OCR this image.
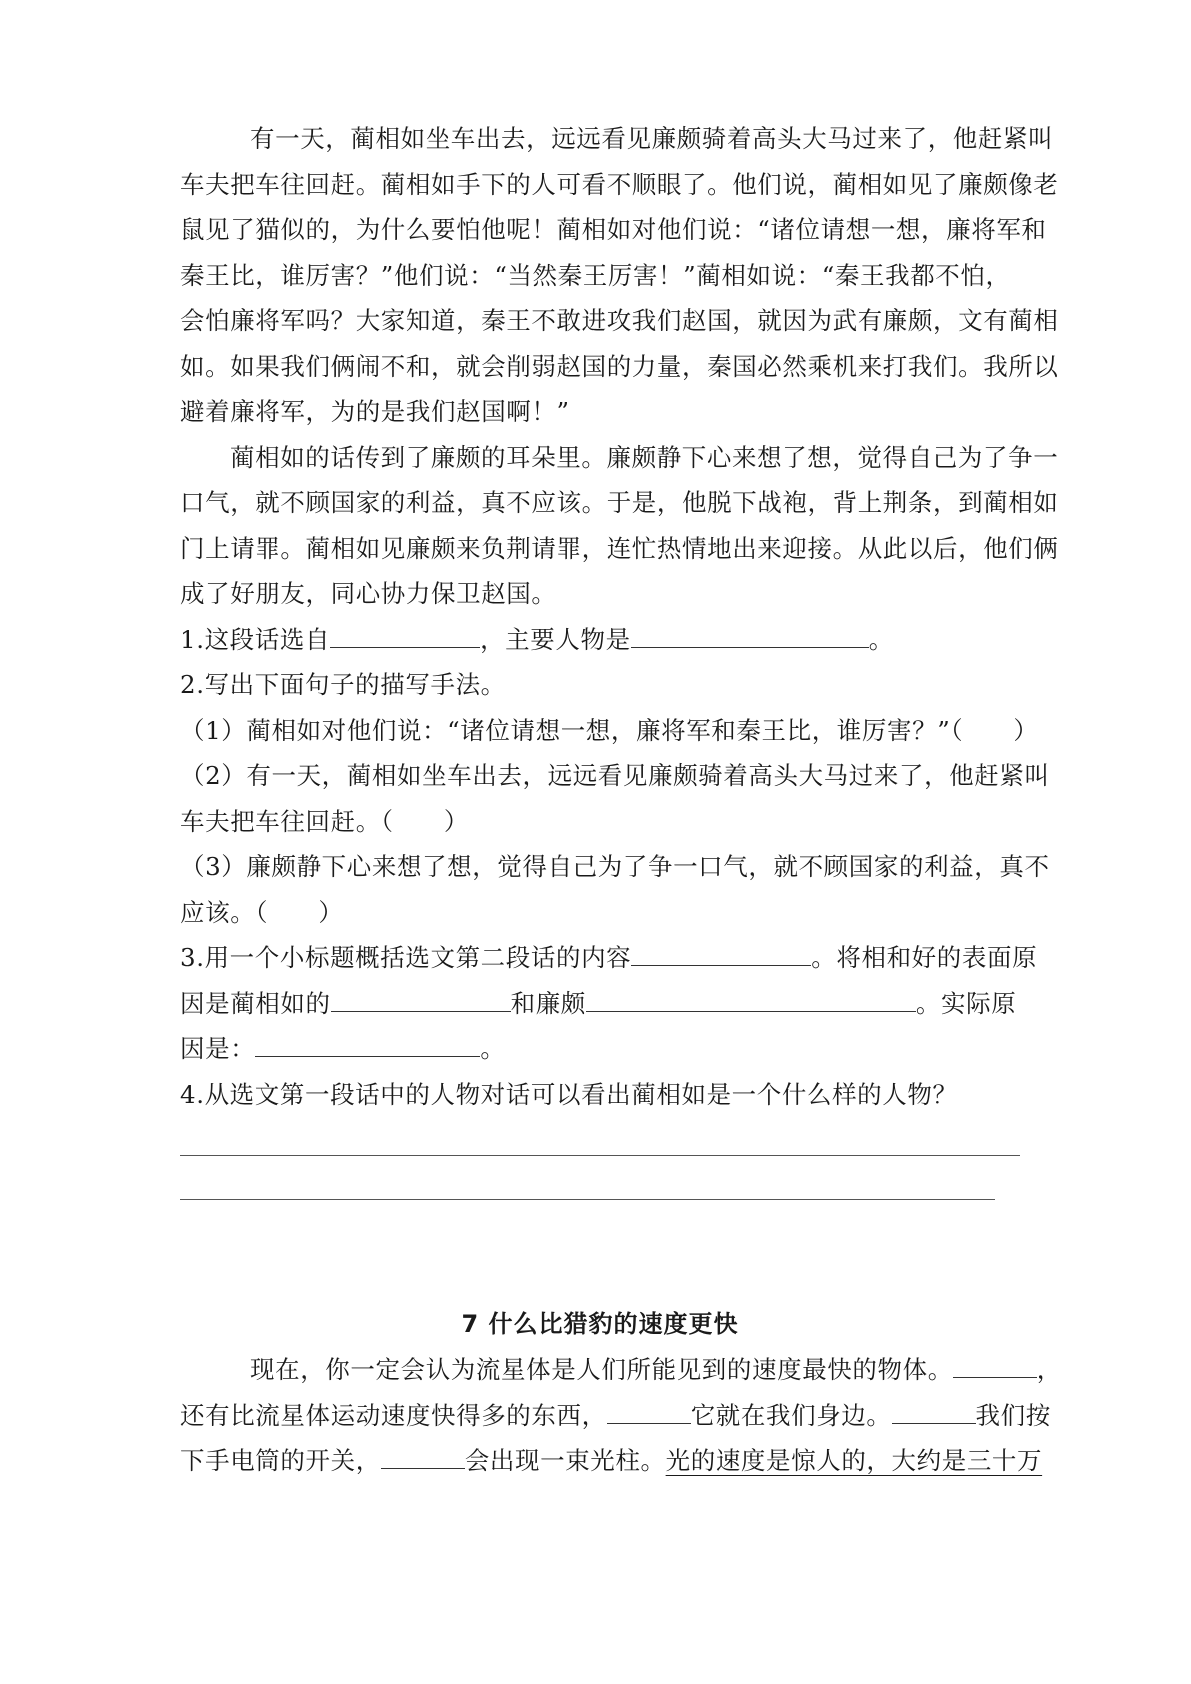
有一天，蔺相如坐车出去，远远看见廉颇骑着高头大马过来了，他赶紧叫
车夫把车往回赶。蔺相如手下的人可看不顺眼了。他们说，蔺相如见了廉颇像老
鼠见了猫似的，为什么要怕他呢！蔺相如对他们说：“诸位请想一想，廉将军和
秦王比，谁厉害？”他们说：“当然秦王厉害！”蔺相如说：“秦王我都不怕，
会怕廉将军吗？大家知道，秦王不敢进攻我们赵国，就因为武有廉颇，文有蔺相
如。如果我们俩闹不和，就会削弱赵国的力量，秦国必然乘机来打我们。我所以
避着廉将军，为的是我们赵国啊！”
蔺相如的话传到了廉颇的耳朵里。廉颇静下心来想了想，觉得自己为了争一
口气，就不顾国家的利益，真不应该。于是，他脱下战袍，背上荆条，到蔺相如
门上请罪。蔺相如见廉颇来负荆请罪，连忙热情地出来迎接。从此以后，他们俩
成了好朋友，同心协力保卫赵国。
1.这段话选自	，主要人物是	。
2.写出下面句子的描写手法。
（1）蔺相如对他们说：“诸位请想一想，廉将军和秦王比，谁厉害？”（　　）
（2）有一天，蔺相如坐车出去，远远看见廉颇骑着高头大马过来了，他赶紧叫
车夫把车往回赶。（　　）
（3）廉颇静下心来想了想，觉得自己为了争一口气，就不顾国家的利益，真不
应该。（　　）
3.用一个小标题概括选文第二段话的内容	。将相和好的表面原
因是蔺相如的	和廉颇	。实际原
因是：	。
4.从选文第一段话中的人物对话可以看出蔺相如是一个什么样的人物？
7 什么比猎豹的速度更快
现在，你一定会认为流星体是人们所能见到的速度最快的物体。	，
还有比流星体运动速度快得多的东西，	它就在我们身边。	我们按
下手电筒的开关，	会出现一束光柱。光的速度是惊人的，大约是三十万
